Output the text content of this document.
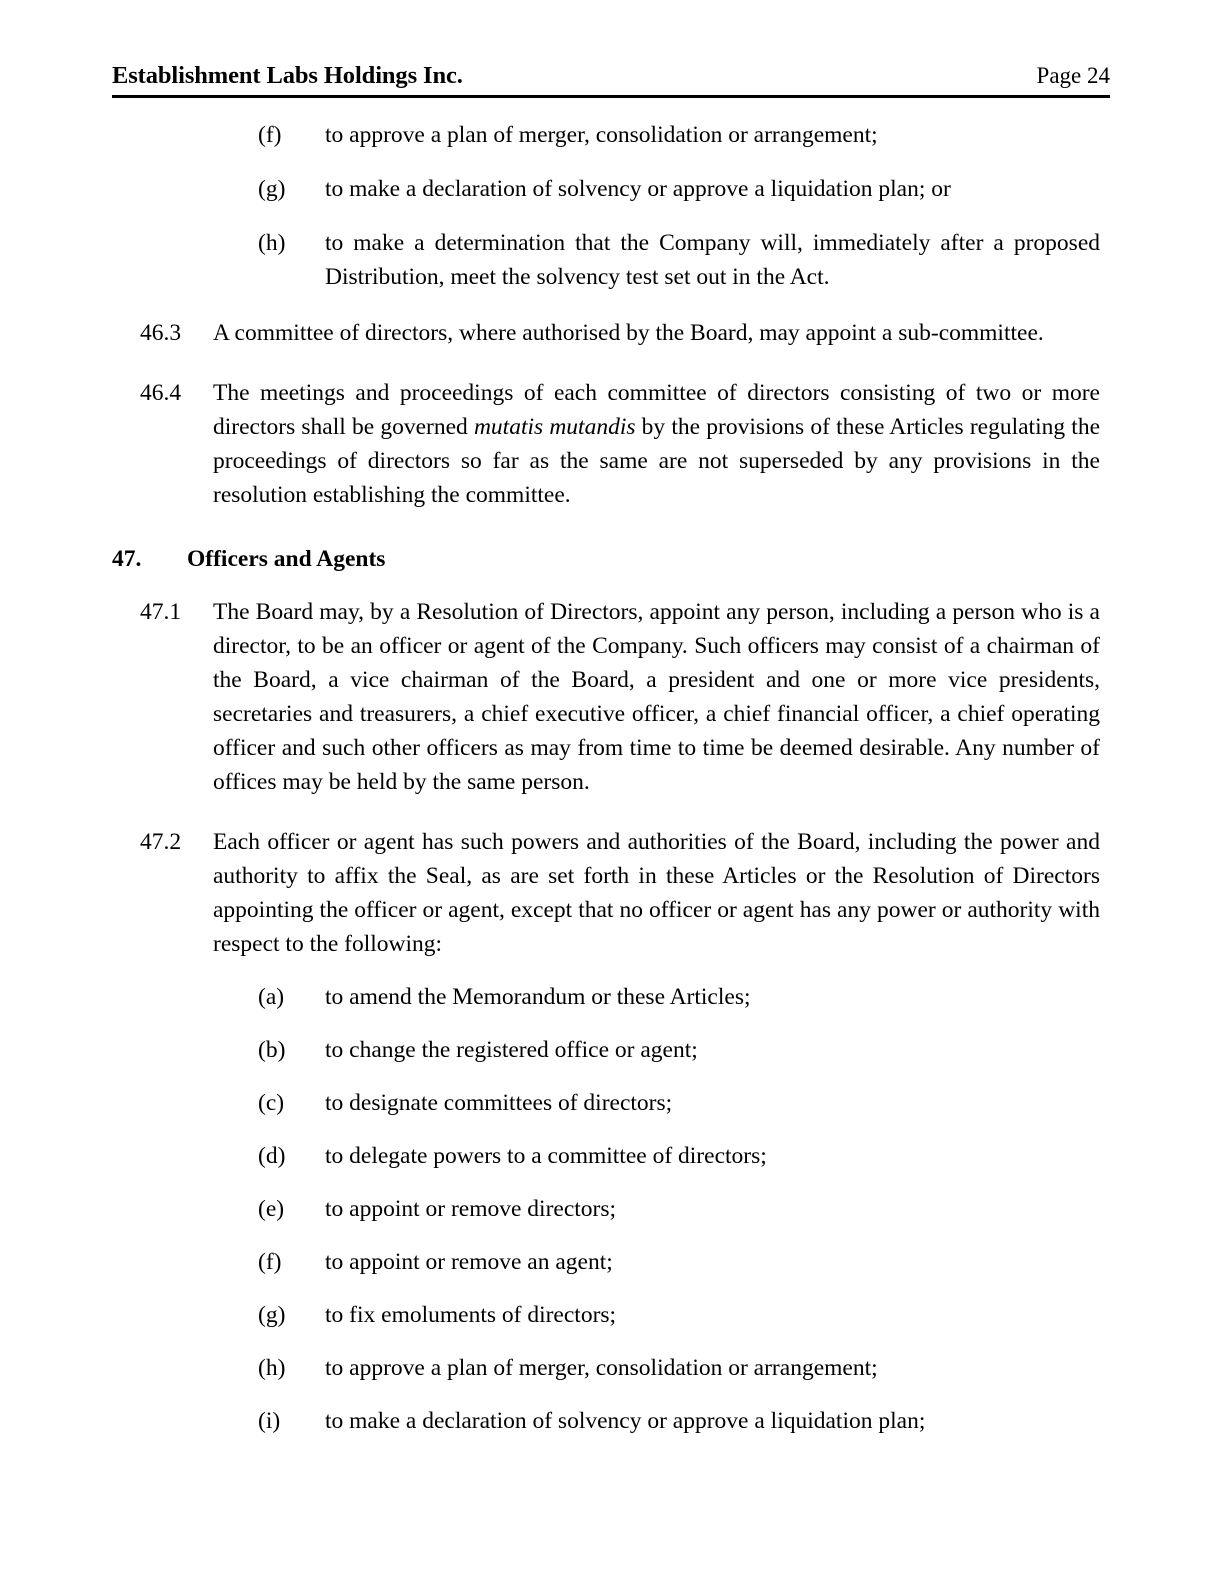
Establishment Labs Holdings Inc.	Page 24
(f)	to approve a plan of merger, consolidation or arrangement;
(g)	to make a declaration of solvency or approve a liquidation plan; or
(h)	to make a determination that the Company will, immediately after a proposed Distribution, meet the solvency test set out in the Act.
46.3	A committee of directors, where authorised by the Board, may appoint a sub-committee.
46.4	The meetings and proceedings of each committee of directors consisting of two or more directors shall be governed mutatis mutandis by the provisions of these Articles regulating the proceedings of directors so far as the same are not superseded by any provisions in the resolution establishing the committee.
47.	Officers and Agents
47.1	The Board may, by a Resolution of Directors, appoint any person, including a person who is a director, to be an officer or agent of the Company. Such officers may consist of a chairman of the Board, a vice chairman of the Board, a president and one or more vice presidents, secretaries and treasurers, a chief executive officer, a chief financial officer, a chief operating officer and such other officers as may from time to time be deemed desirable. Any number of offices may be held by the same person.
47.2	Each officer or agent has such powers and authorities of the Board, including the power and authority to affix the Seal, as are set forth in these Articles or the Resolution of Directors appointing the officer or agent, except that no officer or agent has any power or authority with respect to the following:
(a)	to amend the Memorandum or these Articles;
(b)	to change the registered office or agent;
(c)	to designate committees of directors;
(d)	to delegate powers to a committee of directors;
(e)	to appoint or remove directors;
(f)	to appoint or remove an agent;
(g)	to fix emoluments of directors;
(h)	to approve a plan of merger, consolidation or arrangement;
(i)	to make a declaration of solvency or approve a liquidation plan;
